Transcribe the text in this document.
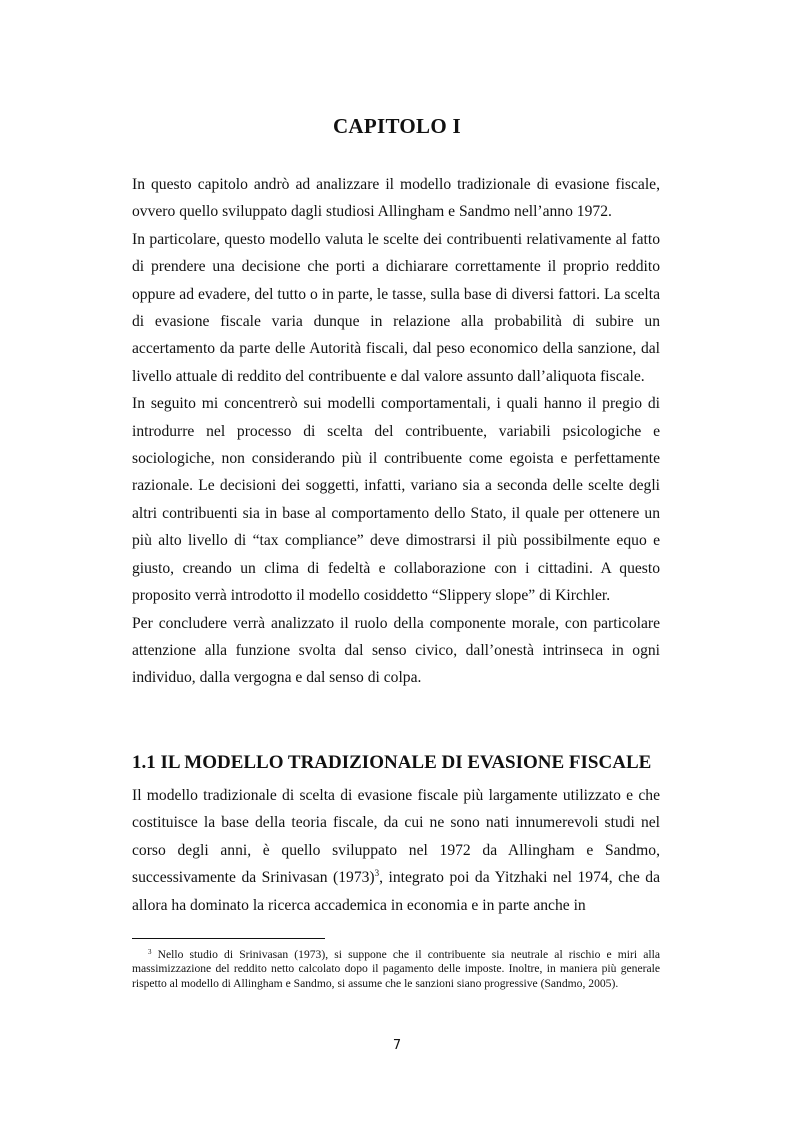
CAPITOLO I

In questo capitolo andrò ad analizzare il modello tradizionale di evasione fiscale, ovvero quello sviluppato dagli studiosi Allingham e Sandmo nell’anno 1972.

In particolare, questo modello valuta le scelte dei contribuenti relativamente al fatto di prendere una decisione che porti a dichiarare correttamente il proprio reddito oppure ad evadere, del tutto o in parte, le tasse, sulla base di diversi fattori. La scelta di evasione fiscale varia dunque in relazione alla probabilità di subire un accertamento da parte delle Autorità fiscali, dal peso economico della sanzione, dal livello attuale di reddito del contribuente e dal valore assunto dall’aliquota fiscale.

In seguito mi concentrerò sui modelli comportamentali, i quali hanno il pregio di introdurre nel processo di scelta del contribuente, variabili psicologiche e sociologiche, non considerando più il contribuente come egoista e perfettamente razionale. Le decisioni dei soggetti, infatti, variano sia a seconda delle scelte degli altri contribuenti sia in base al comportamento dello Stato, il quale per ottenere un più alto livello di “tax compliance” deve dimostrarsi il più possibilmente equo e giusto, creando un clima di fedeltà e collaborazione con i cittadini. A questo proposito verrà introdotto il modello cosiddetto “Slippery slope” di Kirchler.

Per concludere verrà analizzato il ruolo della componente morale, con particolare attenzione alla funzione svolta dal senso civico, dall’onestà intrinseca in ogni individuo, dalla vergogna e dal senso di colpa.

1.1 IL MODELLO TRADIZIONALE DI EVASIONE FISCALE

Il modello tradizionale di scelta di evasione fiscale più largamente utilizzato e che costituisce la base della teoria fiscale, da cui ne sono nati innumerevoli studi nel corso degli anni, è quello sviluppato nel 1972 da Allingham e Sandmo, successivamente da Srinivasan $(1973)^3$, integrato poi da Yitzhaki nel 1974, che da allora ha dominato la ricerca accademica in economia e in parte anche in

$^3$ Nello studio di Srinivasan (1973), si suppone che il contribuente sia neutrale al rischio e miri alla massimizzazione del reddito netto calcolato dopo il pagamento delle imposte. Inoltre, in maniera più generale rispetto al modello di Allingham e Sandmo, si assume che le sanzioni siano progressive (Sandmo, 2005).
7
